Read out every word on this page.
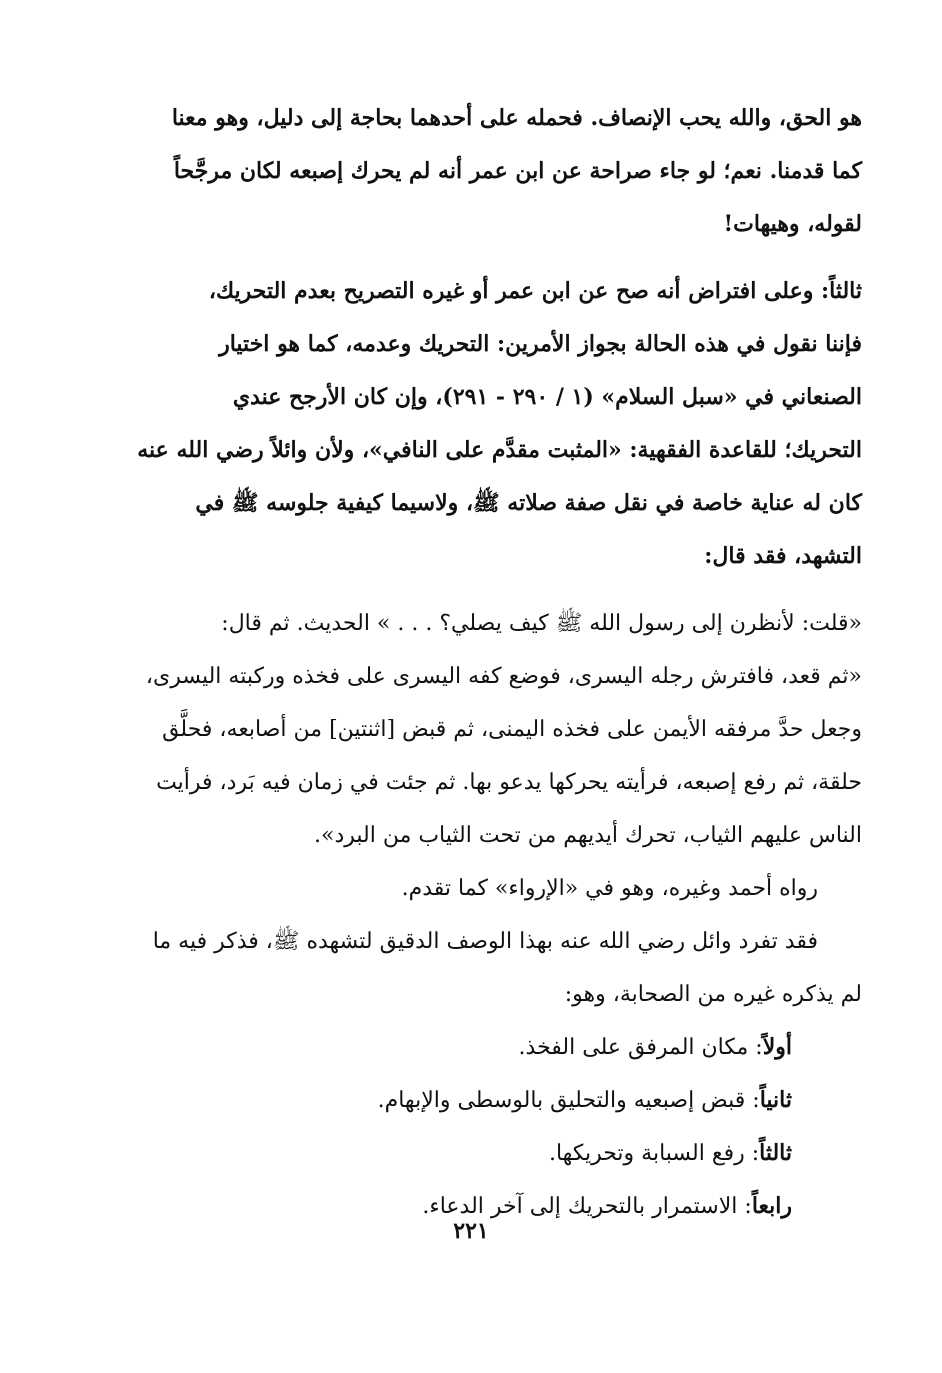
هو الحق، والله يحب الإنصاف. فحمله على أحدهما بحاجة إلى دليل، وهو معنا
كما قدمنا. نعم؛ لو جاء صراحة عن ابن عمر أنه لم يحرك إصبعه لكان مرجَّحاً
لقوله، وهيهات!

ثالثاً: وعلى افتراض أنه صح عن ابن عمر أو غيره التصريح بعدم التحريك،
فإننا نقول في هذه الحالة بجواز الأمرين: التحريك وعدمه، كما هو اختيار
الصنعاني في «سبل السلام» (١ / ٢٩٠ - ٢٩١)، وإن كان الأرجح عندي
التحريك؛ للقاعدة الفقهية: «المثبت مقدَّم على النافي»، ولأن وائلاً رضي الله عنه
كان له عناية خاصة في نقل صفة صلاته ﷺ، ولاسيما كيفية جلوسه ﷺ في
التشهد، فقد قال:

«قلت: لأنظرن إلى رسول الله ﷺ كيف يصلي؟ . . . » الحديث. ثم قال:
«ثم قعد، فافترش رجله اليسرى، فوضع كفه اليسرى على فخذه وركبته اليسرى،
وجعل حدَّ مرفقه الأيمن على فخذه اليمنى، ثم قبض [اثنتين] من أصابعه، فحلَّق
حلقة، ثم رفع إصبعه، فرأيته يحركها يدعو بها. ثم جئت في زمان فيه بَرد، فرأيت
الناس عليهم الثياب، تحرك أيديهم من تحت الثياب من البرد».

رواه أحمد وغيره، وهو في «الإرواء» كما تقدم.

فقد تفرد وائل رضي الله عنه بهذا الوصف الدقيق لتشهده ﷺ، فذكر فيه ما
لم يذكره غيره من الصحابة، وهو:

أولاً: مكان المرفق على الفخذ.

ثانياً: قبض إصبعيه والتحليق بالوسطى والإبهام.

ثالثاً: رفع السبابة وتحريكها.

رابعاً: الاستمرار بالتحريك إلى آخر الدعاء.

٢٢١
